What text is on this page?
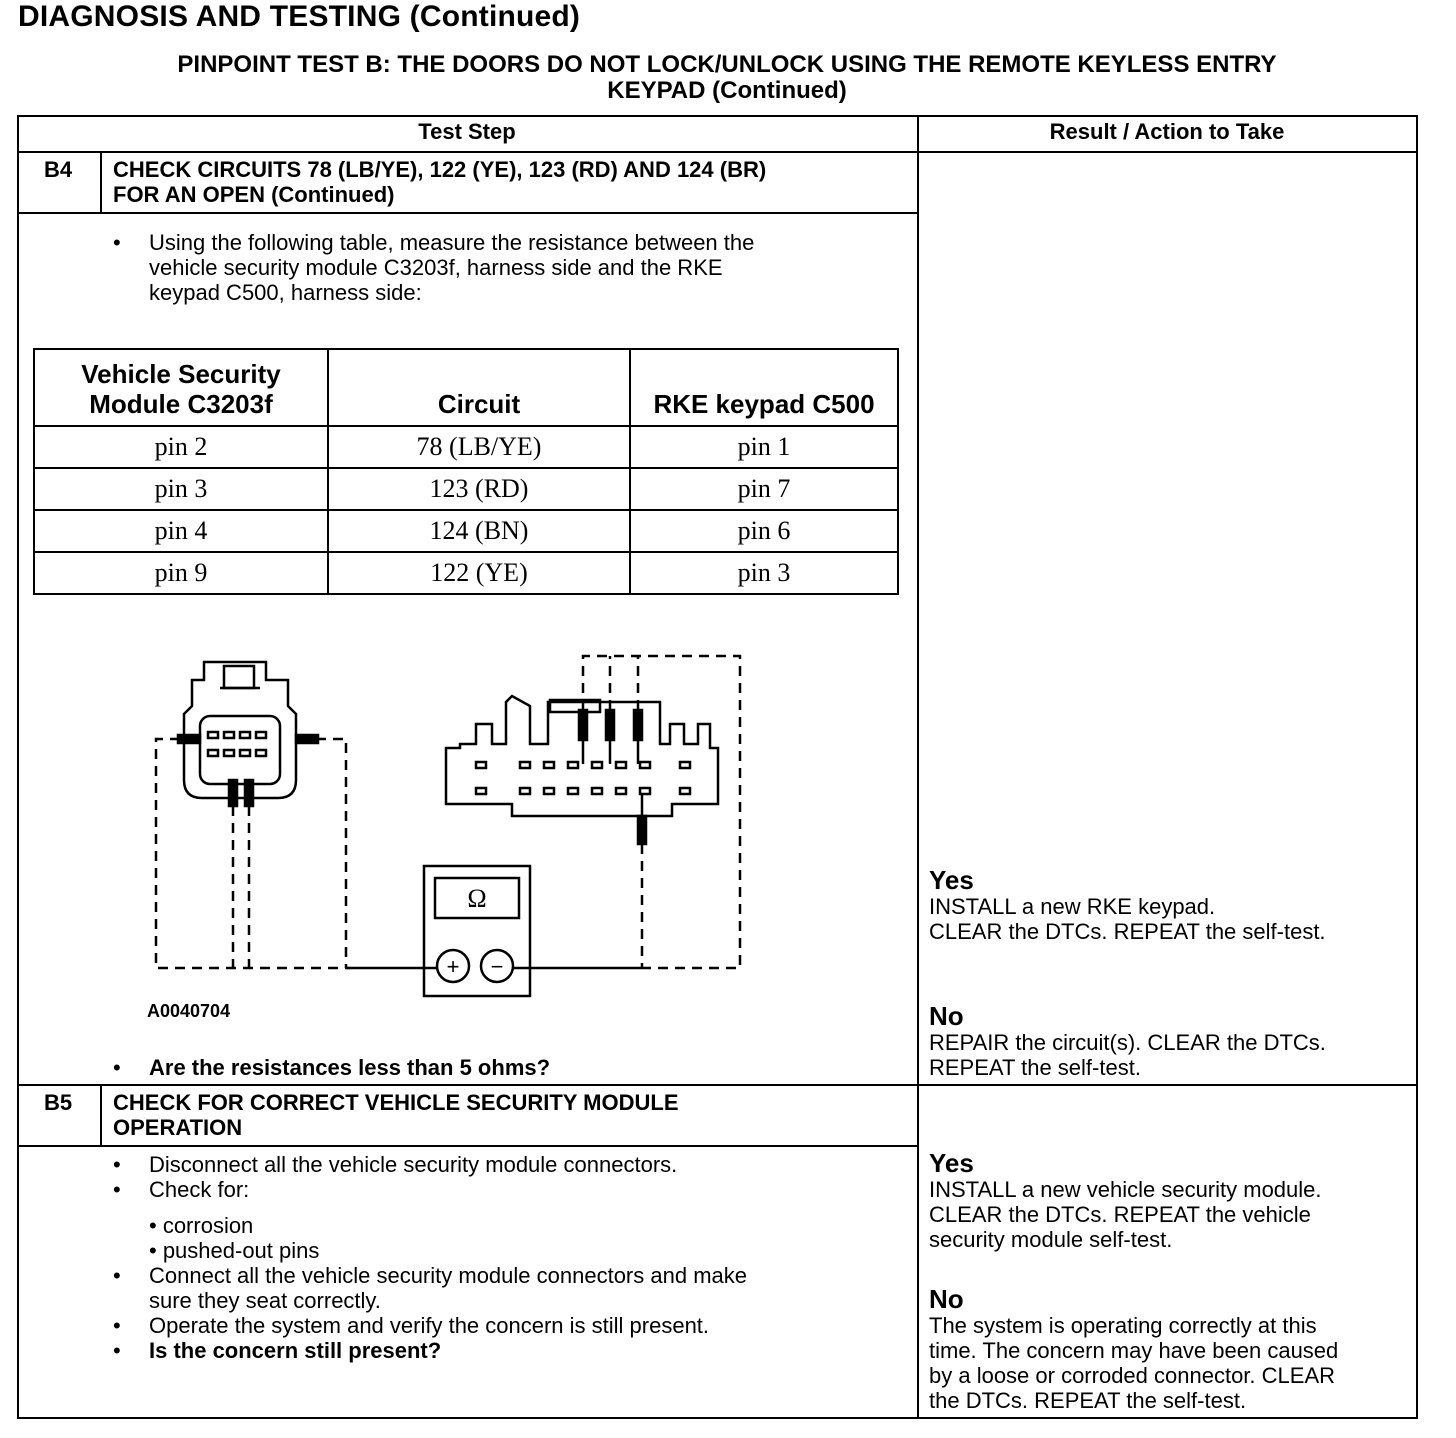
DIAGNOSIS AND TESTING (Continued)
PINPOINT TEST B: THE DOORS DO NOT LOCK/UNLOCK USING THE REMOTE KEYLESS ENTRY
KEYPAD (Continued)
Test Step	Result / Action to Take
B4	CHECK CIRCUITS 78 (LB/YE), 122 (YE), 123 (RD) AND 124 (BR)
FOR AN OPEN (Continued)
• Using the following table, measure the resistance between the
vehicle security module C3203f, harness side and the RKE
keypad C500, harness side:
Vehicle Security Module C3203f	Circuit	RKE keypad C500
pin 2	78 (LB/YE)	pin 1
pin 3	123 (RD)	pin 7
pin 4	124 (BN)	pin 6
pin 9	122 (YE)	pin 3
Ω
+ −
A0040704
• Are the resistances less than 5 ohms?
Yes
INSTALL a new RKE keypad.
CLEAR the DTCs. REPEAT the self-test.
No
REPAIR the circuit(s). CLEAR the DTCs.
REPEAT the self-test.
B5	CHECK FOR CORRECT VEHICLE SECURITY MODULE
OPERATION
• Disconnect all the vehicle security module connectors.
• Check for:
• corrosion
• pushed-out pins
• Connect all the vehicle security module connectors and make
sure they seat correctly.
• Operate the system and verify the concern is still present.
• Is the concern still present?
Yes
INSTALL a new vehicle security module.
CLEAR the DTCs. REPEAT the vehicle
security module self-test.
No
The system is operating correctly at this
time. The concern may have been caused
by a loose or corroded connector. CLEAR
the DTCs. REPEAT the self-test.
